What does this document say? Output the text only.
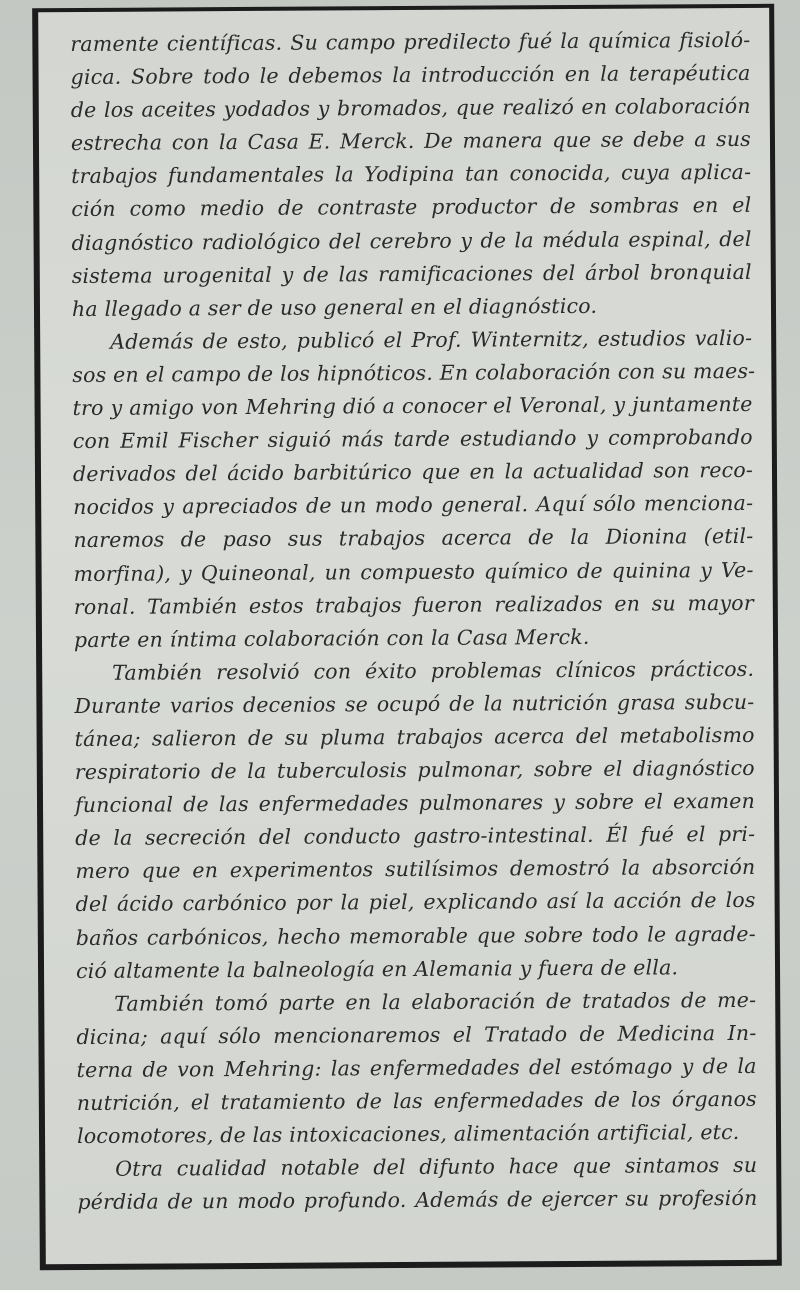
ramente científicas. Su campo predilecto fué la química fisioló-
gica. Sobre todo le debemos la introducción en la terapéutica
de los aceites yodados y bromados, que realizó en colaboración
estrecha con la Casa E. Merck. De manera que se debe a sus
trabajos fundamentales la Yodipina tan conocida, cuya aplica-
ción como medio de contraste productor de sombras en el
diagnóstico radiológico del cerebro y de la médula espinal, del
sistema urogenital y de las ramificaciones del árbol bronquial
ha llegado a ser de uso general en el diagnóstico.
Además de esto, publicó el Prof. Winternitz, estudios valio-
sos en el campo de los hipnóticos. En colaboración con su maes-
tro y amigo von Mehring dió a conocer el Veronal, y juntamente
con Emil Fischer siguió más tarde estudiando y comprobando
derivados del ácido barbitúrico que en la actualidad son reco-
nocidos y apreciados de un modo general. Aquí sólo menciona-
naremos de paso sus trabajos acerca de la Dionina (etil-
morfina), y Quineonal, un compuesto químico de quinina y Ve-
ronal. También estos trabajos fueron realizados en su mayor
parte en íntima colaboración con la Casa Merck.
También resolvió con éxito problemas clínicos prácticos.
Durante varios decenios se ocupó de la nutrición grasa subcu-
tánea; salieron de su pluma trabajos acerca del metabolismo
respiratorio de la tuberculosis pulmonar, sobre el diagnóstico
funcional de las enfermedades pulmonares y sobre el examen
de la secreción del conducto gastro-intestinal. Él fué el pri-
mero que en experimentos sutilísimos demostró la absorción
del ácido carbónico por la piel, explicando así la acción de los
baños carbónicos, hecho memorable que sobre todo le agrade-
ció altamente la balneología en Alemania y fuera de ella.
También tomó parte en la elaboración de tratados de me-
dicina; aquí sólo mencionaremos el Tratado de Medicina In-
terna de von Mehring: las enfermedades del estómago y de la
nutrición, el tratamiento de las enfermedades de los órganos
locomotores, de las intoxicaciones, alimentación artificial, etc.
Otra cualidad notable del difunto hace que sintamos su
pérdida de un modo profundo. Además de ejercer su profesión
